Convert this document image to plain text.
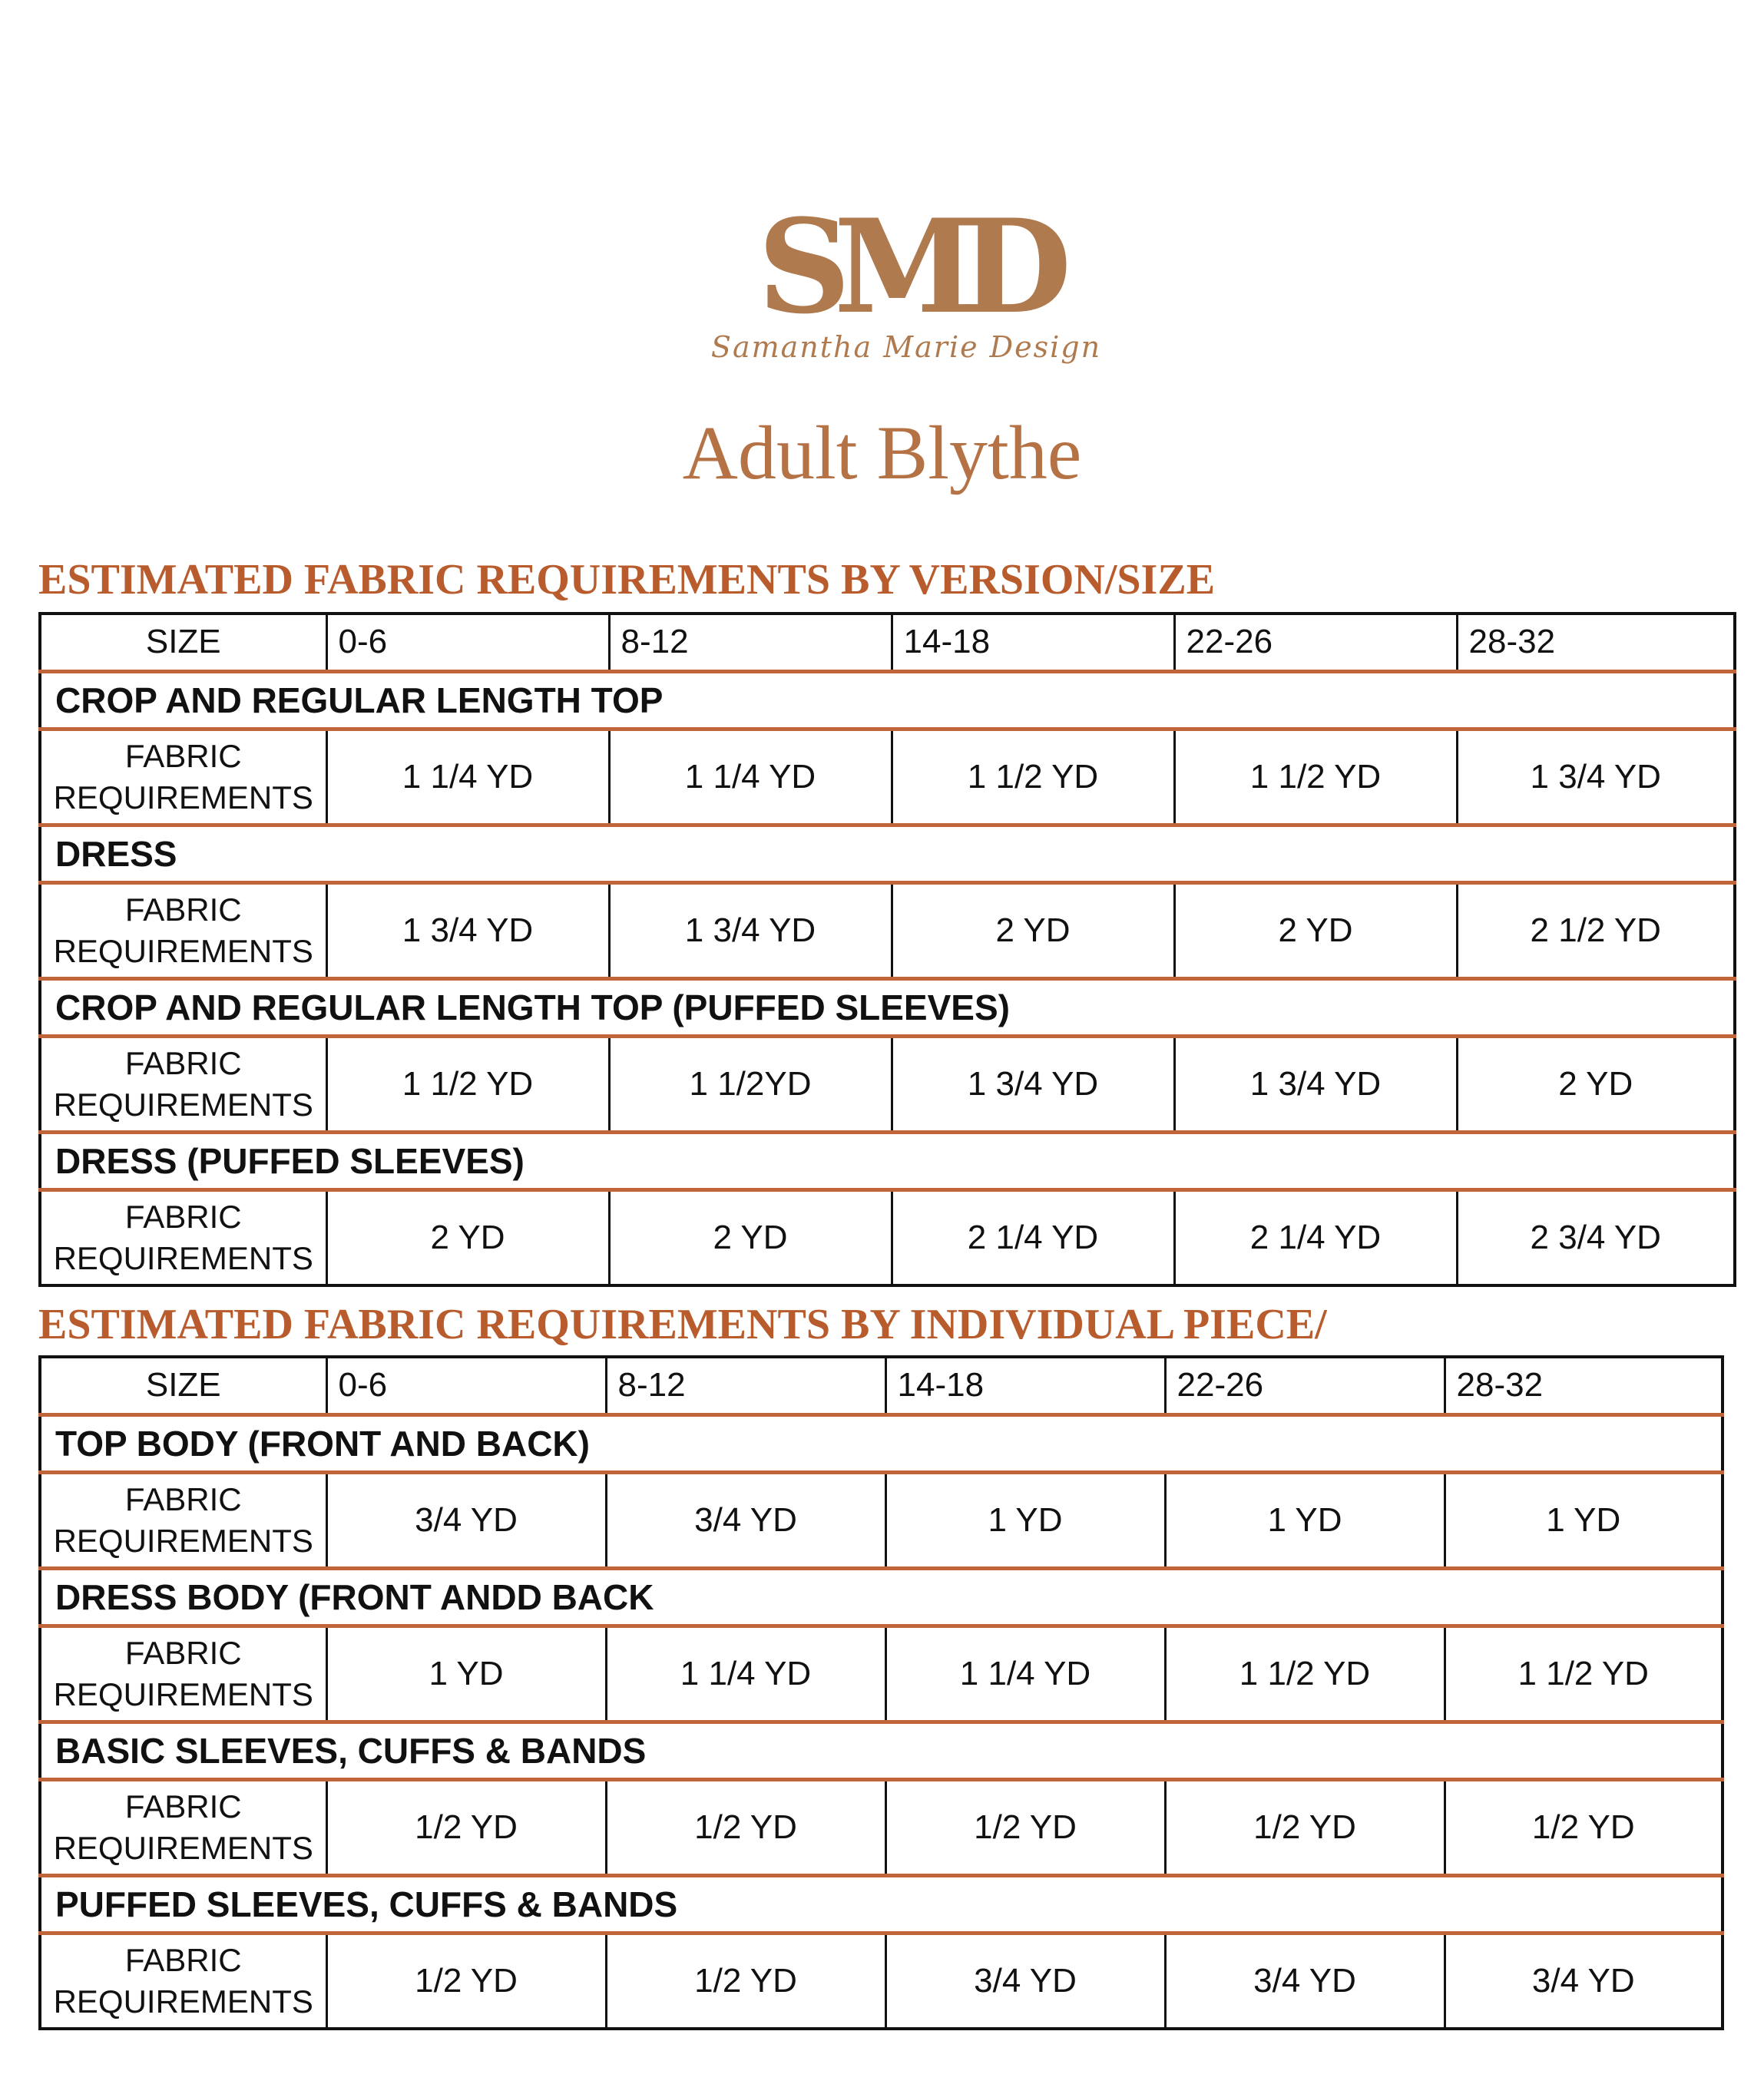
SMD
Samantha Marie Design
Adult Blythe
ESTIMATED FABRIC REQUIREMENTS BY VERSION/SIZE
SIZE	0-6	8-12	14-18	22-26	28-32
CROP AND REGULAR LENGTH TOP					
FABRIC
REQUIREMENTS	1 1/4 YD	1 1/4 YD	1 1/2 YD	1 1/2 YD	1 3/4 YD
DRESS					
FABRIC
REQUIREMENTS	1 3/4 YD	1 3/4 YD	2 YD	2 YD	2 1/2 YD
CROP AND REGULAR LENGTH TOP (PUFFED SLEEVES)					
FABRIC
REQUIREMENTS	1 1/2 YD	1 1/2YD	1 3/4 YD	1 3/4 YD	2 YD
DRESS (PUFFED SLEEVES)					
FABRIC
REQUIREMENTS	2 YD	2 YD	2 1/4 YD	2 1/4 YD	2 3/4 YD
ESTIMATED FABRIC REQUIREMENTS BY INDIVIDUAL PIECE/
SIZE	0-6	8-12	14-18	22-26	28-32
TOP BODY (FRONT AND BACK)					
FABRIC
REQUIREMENTS	3/4 YD	3/4 YD	1 YD	1 YD	1 YD
DRESS BODY (FRONT ANDD BACK					
FABRIC
REQUIREMENTS	1 YD	1 1/4 YD	1 1/4 YD	1 1/2 YD	1 1/2 YD
BASIC SLEEVES, CUFFS & BANDS					
FABRIC
REQUIREMENTS	1/2 YD	1/2 YD	1/2 YD	1/2 YD	1/2 YD
PUFFED SLEEVES, CUFFS & BANDS					
FABRIC
REQUIREMENTS	1/2 YD	1/2 YD	3/4 YD	3/4 YD	3/4 YD
